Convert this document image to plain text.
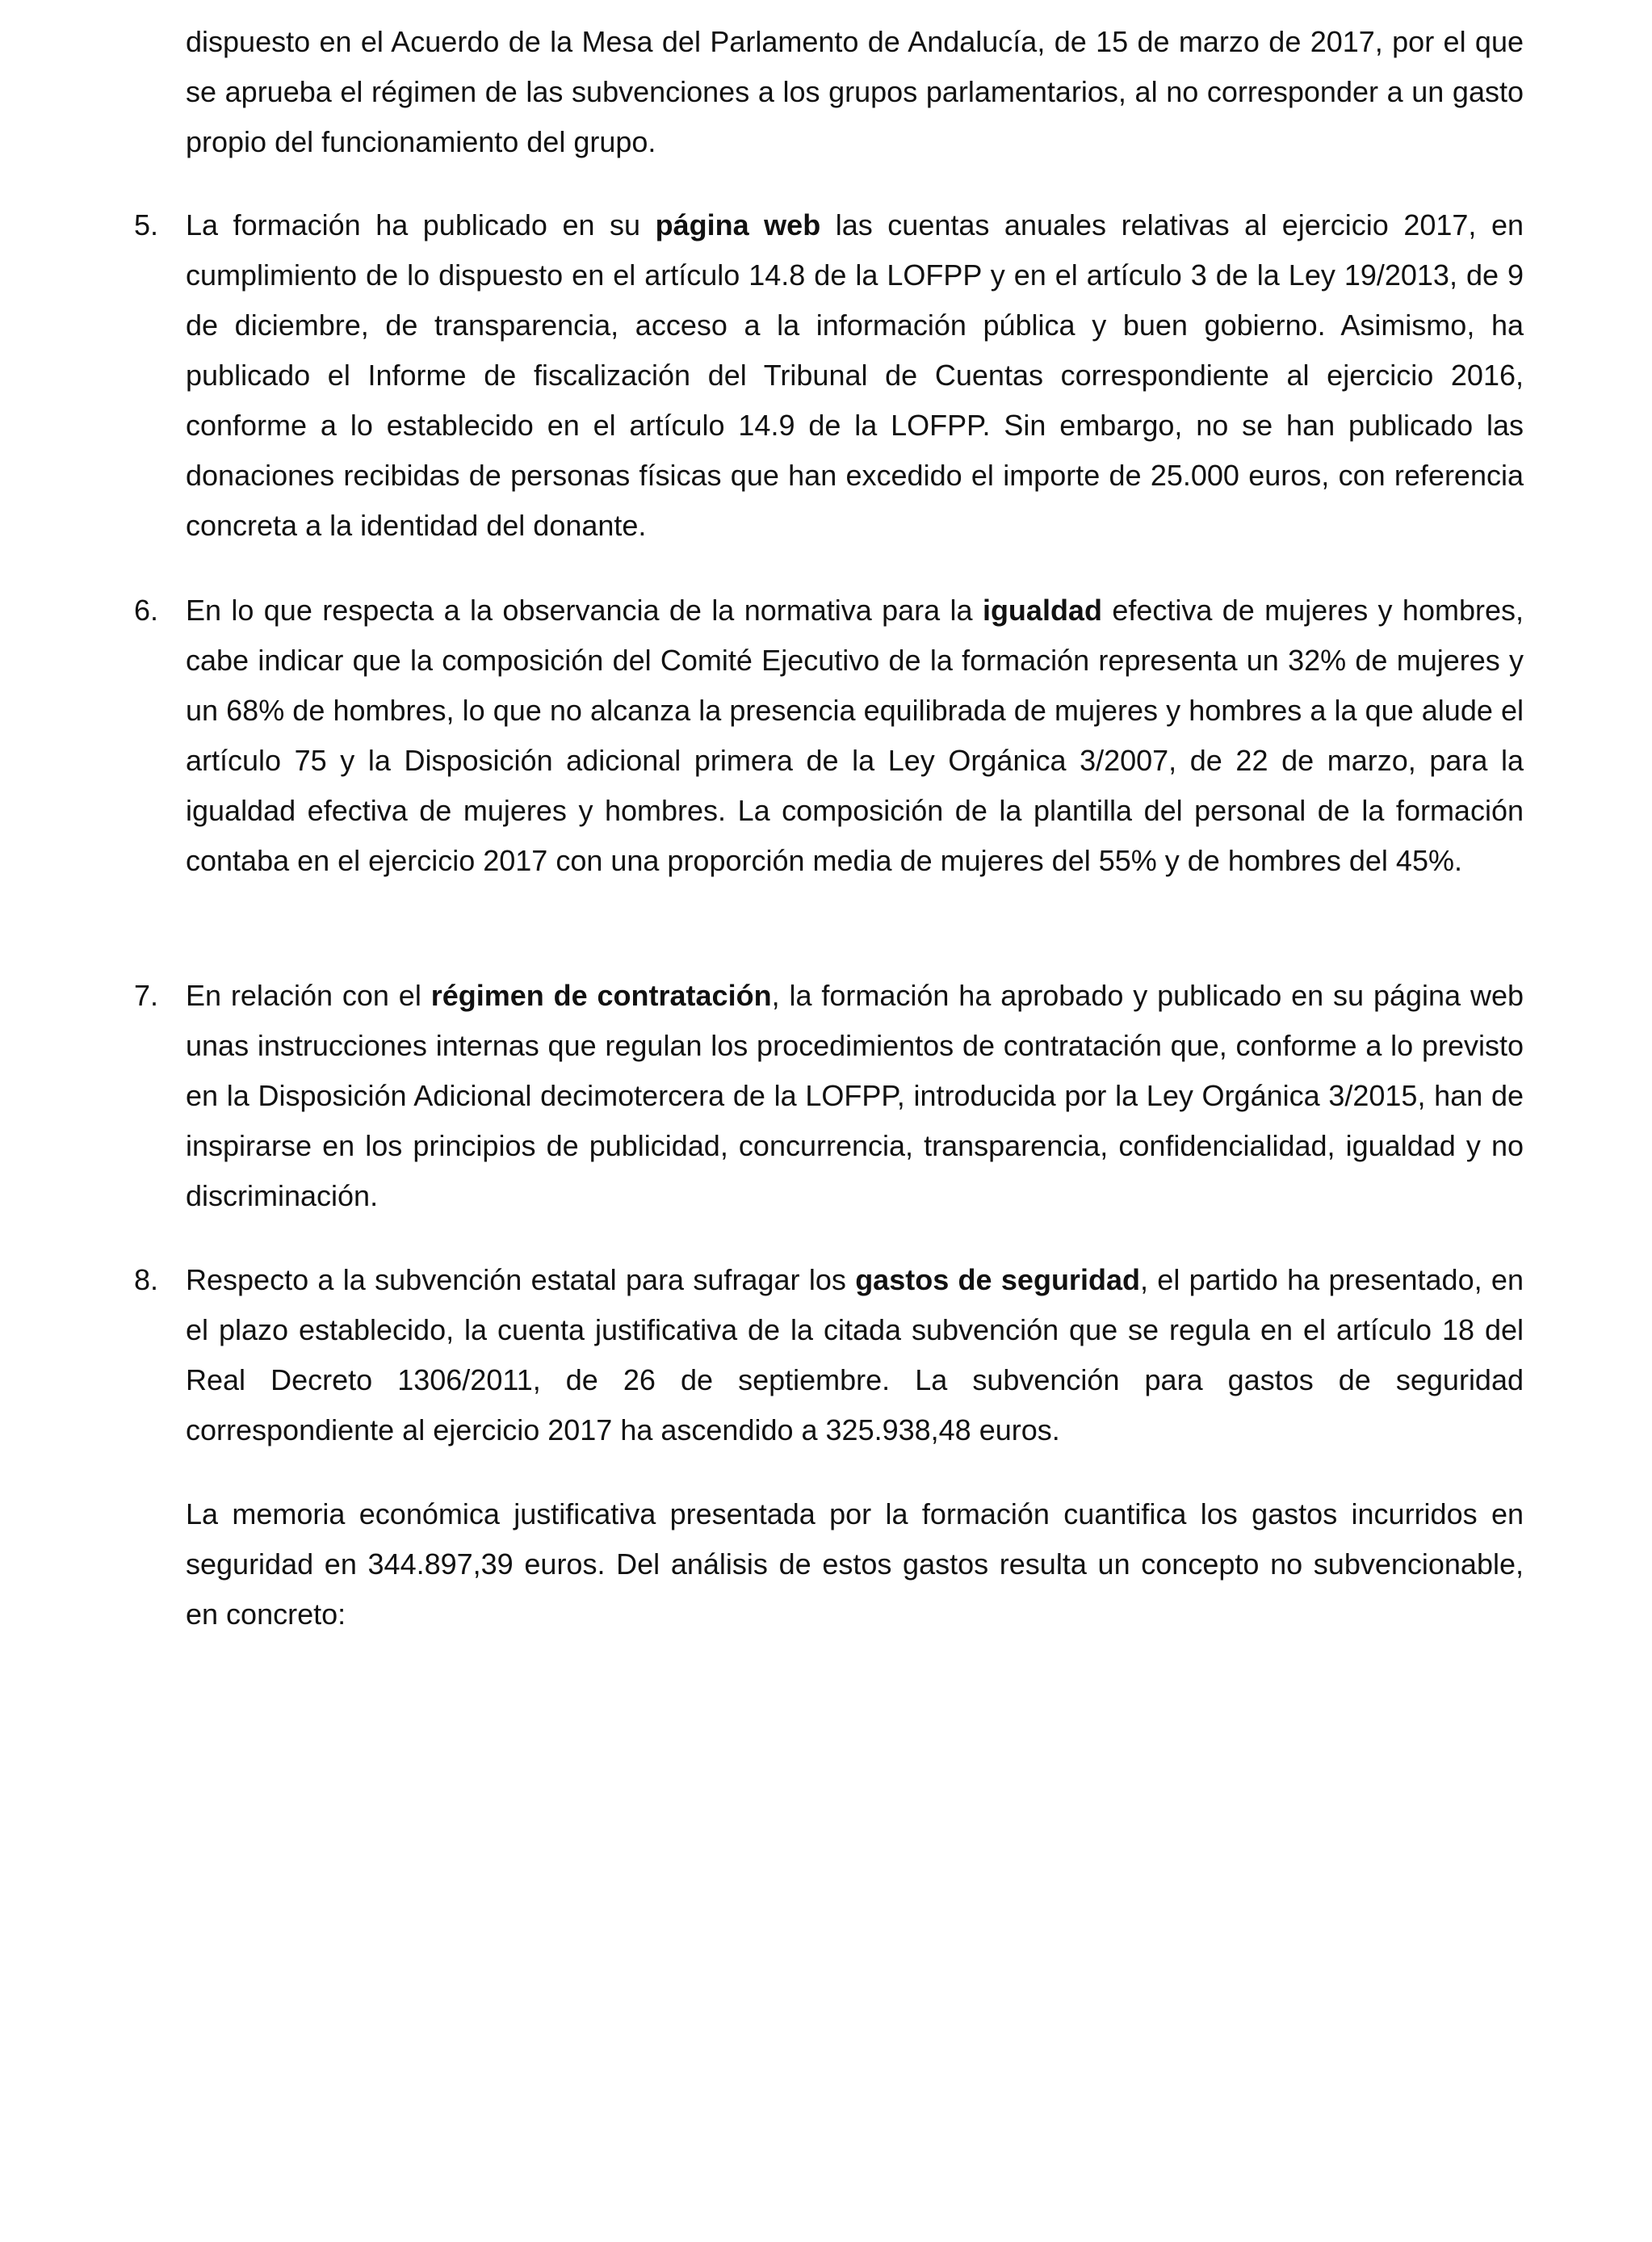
dispuesto en el Acuerdo de la Mesa del Parlamento de Andalucía, de 15 de marzo de 2017, por el que se aprueba el régimen de las subvenciones a los grupos parlamentarios, al no corresponder a un gasto propio del funcionamiento del grupo.
5. La formación ha publicado en su página web las cuentas anuales relativas al ejercicio 2017, en cumplimiento de lo dispuesto en el artículo 14.8 de la LOFPP y en el artículo 3 de la Ley 19/2013, de 9 de diciembre, de transparencia, acceso a la información pública y buen gobierno. Asimismo, ha publicado el Informe de fiscalización del Tribunal de Cuentas correspondiente al ejercicio 2016, conforme a lo establecido en el artículo 14.9 de la LOFPP. Sin embargo, no se han publicado las donaciones recibidas de personas físicas que han excedido el importe de 25.000 euros, con referencia concreta a la identidad del donante.
6. En lo que respecta a la observancia de la normativa para la igualdad efectiva de mujeres y hombres, cabe indicar que la composición del Comité Ejecutivo de la formación representa un 32% de mujeres y un 68% de hombres, lo que no alcanza la presencia equilibrada de mujeres y hombres a la que alude el artículo 75 y la Disposición adicional primera de la Ley Orgánica 3/2007, de 22 de marzo, para la igualdad efectiva de mujeres y hombres. La composición de la plantilla del personal de la formación contaba en el ejercicio 2017 con una proporción media de mujeres del 55% y de hombres del 45%.
7. En relación con el régimen de contratación, la formación ha aprobado y publicado en su página web unas instrucciones internas que regulan los procedimientos de contratación que, conforme a lo previsto en la Disposición Adicional decimotercera de la LOFPP, introducida por la Ley Orgánica 3/2015, han de inspirarse en los principios de publicidad, concurrencia, transparencia, confidencialidad, igualdad y no discriminación.
8. Respecto a la subvención estatal para sufragar los gastos de seguridad, el partido ha presentado, en el plazo establecido, la cuenta justificativa de la citada subvención que se regula en el artículo 18 del Real Decreto 1306/2011, de 26 de septiembre. La subvención para gastos de seguridad correspondiente al ejercicio 2017 ha ascendido a 325.938,48 euros.
La memoria económica justificativa presentada por la formación cuantifica los gastos incurridos en seguridad en 344.897,39 euros. Del análisis de estos gastos resulta un concepto no subvencionable, en concreto:
